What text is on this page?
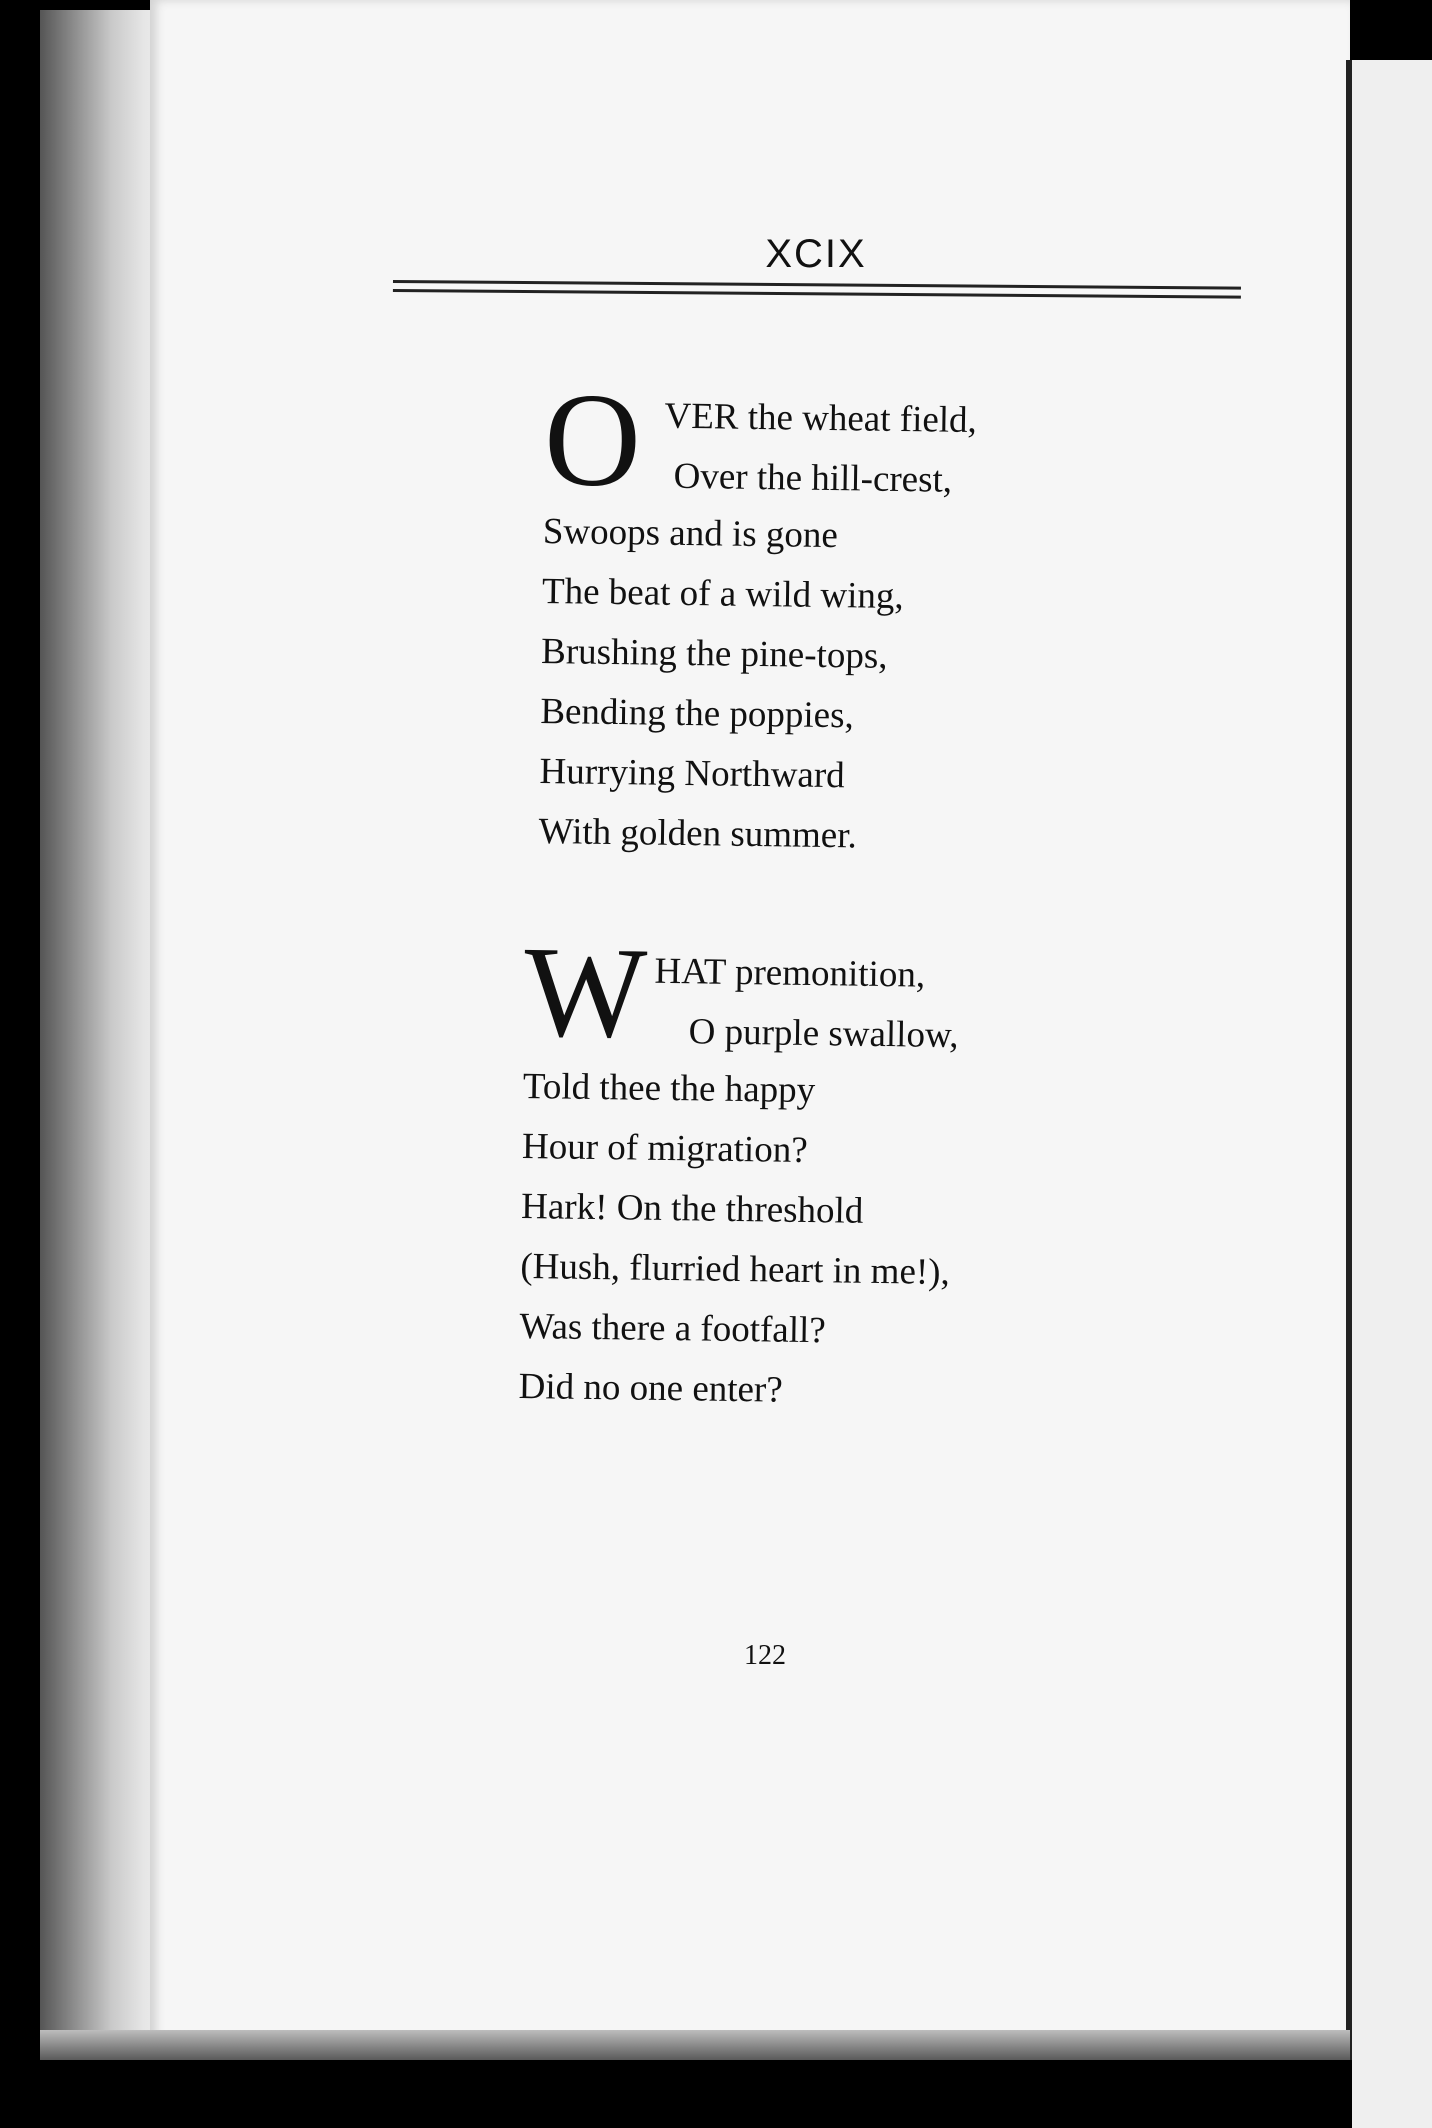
XCIX
O VER the wheat field,
Over the hill-crest,
Swoops and is gone
The beat of a wild wing,
Brushing the pine-tops,
Bending the poppies,
Hurrying Northward
With golden summer.
W HAT premonition,
O purple swallow,
Told thee the happy
Hour of migration?
Hark! On the threshold
(Hush, flurried heart in me!),
Was there a footfall?
Did no one enter?
122
